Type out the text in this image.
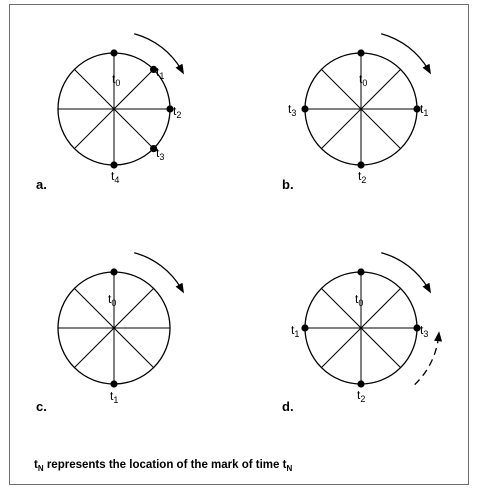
$t_0$
$t_1$
$t_2$
$t_3$
$t_4$
a.
$t_0$
$t_1$
$t_2$
$t_3$
b.
$t_0$
$t_1$
c.
$t_0$
$t_1$
$t_2$
$t_3$
d.
$t_N$ represents the location of the mark of time $t_N$
